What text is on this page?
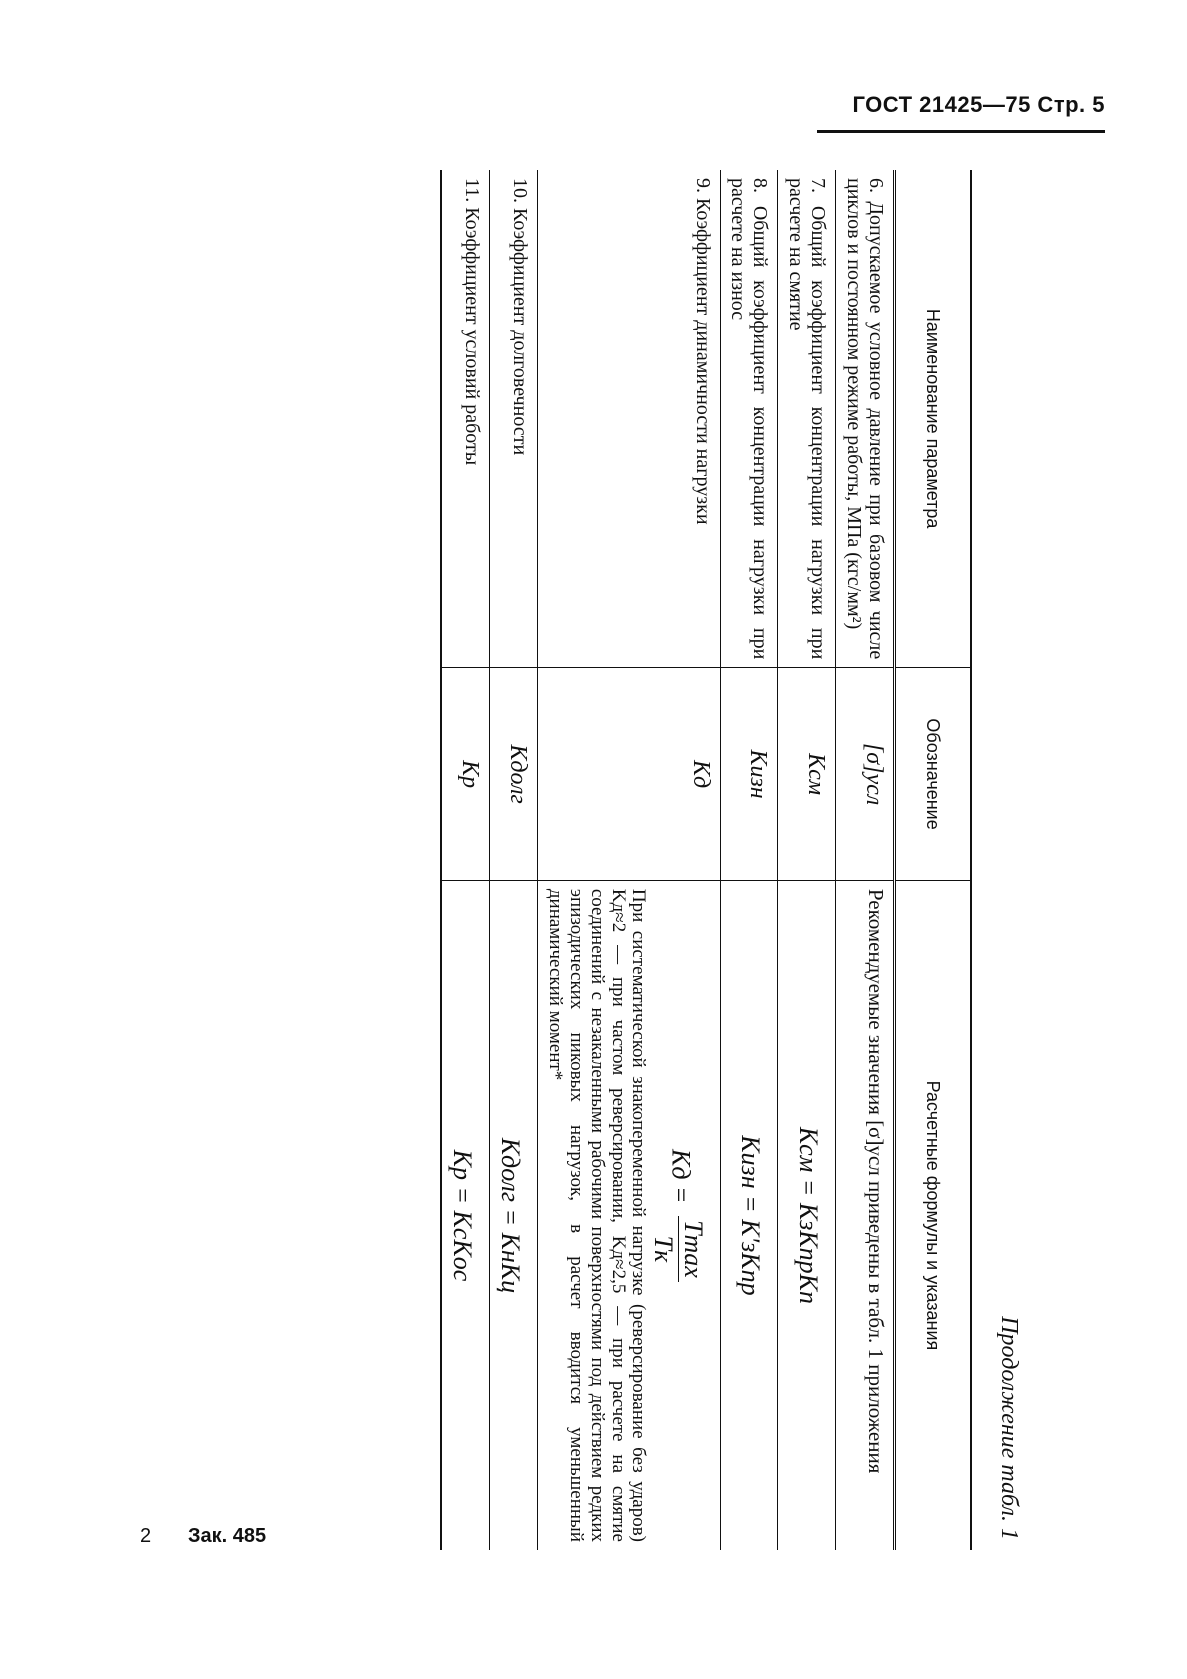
ГОСТ 21425—75 Стр. 5
Продолжение табл. 1
Наименование параметра	Обозначение	Расчетные формулы и указания
6. Допускаемое условное давление при базовом числе циклов и постоянном режиме работы, МПа (кгс/мм²)	[σ]усл	Рекомендуемые значения [σ]усл приведены в табл. 1 приложения

7. Общий коэффициент концентрации нагрузки при расчете на смятие	Kсм	Kсм = KзKпрKп

8. Общий коэффициент концентрации нагрузки при расчете на износ	Kизн	Kизн = K′зKпр

9. Коэффициент динамичности нагрузки	Kд	Kд =
Tmax
Tк
При систематической знакопеременной нагрузке (реверсирование без ударов) Kд≈2 — при частом реверсировании, Kд≈2,5 — при расчете на смятие соединений с незакаленными рабочими поверхностями под действием редких эпизодических пиковых нагрузок, в расчет вводится уменьшенный динамический момент*

10. Коэффициент долговечности	Kдолг	Kдолг = KнKц

11. Коэффициент условий работы	Kр	Kр = KсKос
2 Зак. 485
